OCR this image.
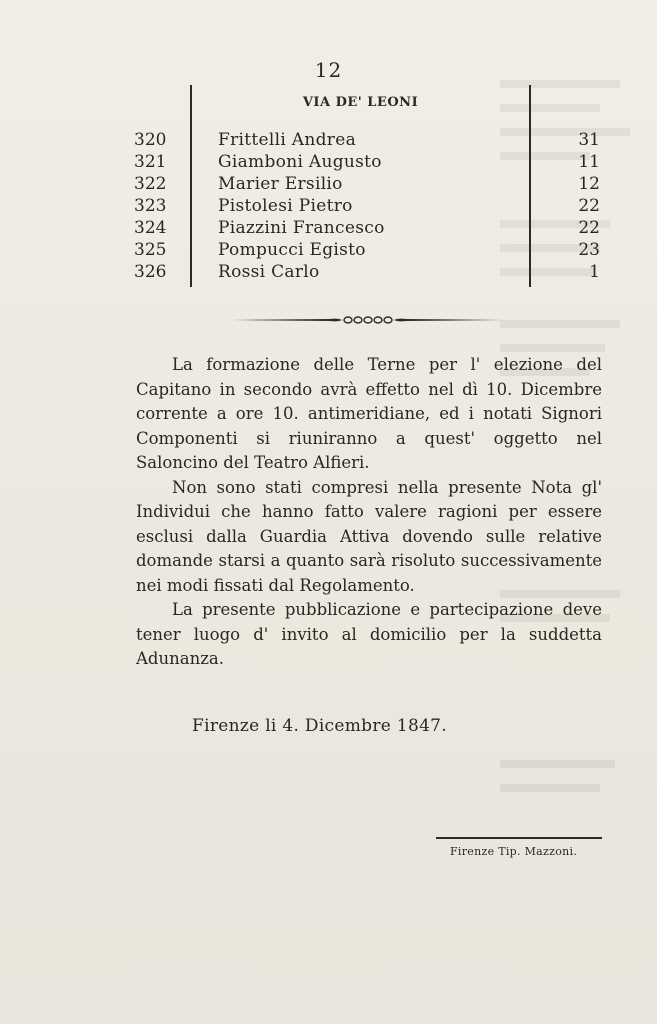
12
VIA DE' LEONI
320	Frittelli Andrea	31
321	Giamboni Augusto	11
322	Marier Ersilio	12
323	Pistolesi Pietro	22
324	Piazzini Francesco	22
325	Pompucci Egisto	23
326	Rossi Carlo	1

La formazione delle Terne per l' elezione del Capitano in secondo avrà effetto nel dì 10. Dicembre corrente a ore 10. antimeridiane, ed i notati Signori Componenti si riuniranno a quest' oggetto nel Saloncino del Teatro Alfieri.

Non sono stati compresi nella presente Nota gl' Individui che hanno fatto valere ragioni per essere esclusi dalla Guardia Attiva dovendo sulle relative domande starsi a quanto sarà risoluto successivamente nei modi fissati dal Regolamento.

La presente pubblicazione e partecipazione deve tener luogo d' invito al domicilio per la suddetta Adunanza.

Firenze li 4. Dicembre 1847.
Firenze Tip. Mazzoni.
